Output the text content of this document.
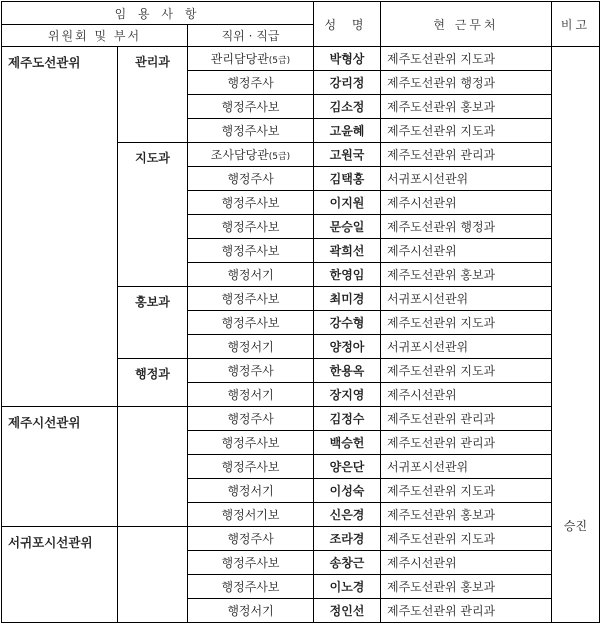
임 용 사 항			성 명	현 근무처	비고
위원회 및 부서		직위 · 직급			
제주도선관위	관리과	관리담당관(5급)	박형상	제주도선관위 지도과	승진
		행정주사	강리정	제주도선관위 행정과	
		행정주사보	김소정	제주도선관위 홍보과	
		행정주사보	고윤혜	제주도선관위 지도과	
	지도과	조사담당관(5급)	고원국	제주도선관위 관리과	
		행정주사	김택홍	서귀포시선관위	
		행정주사보	이지원	제주시선관위	
		행정주사보	문승일	제주도선관위 행정과	
		행정주사보	곽희선	제주시선관위	
		행정서기	한영임	제주도선관위 홍보과	
	홍보과	행정주사보	최미경	서귀포시선관위	
		행정주사보	강수형	제주도선관위 지도과	
		행정서기	양정아	서귀포시선관위	
	행정과	행정주사	한용옥	제주도선관위 지도과	
		행정서기	장지영	제주시선관위	
제주시선관위		행정주사	김정수	제주도선관위 관리과	
		행정주사보	백승헌	제주도선관위 관리과	
		행정주사보	양은단	서귀포시선관위	
		행정서기	이성숙	제주도선관위 지도과	
		행정서기보	신은경	제주도선관위 홍보과	
서귀포시선관위		행정주사	조라경	제주도선관위 지도과	
		행정주사보	송창근	제주시선관위	
		행정주사보	이노경	제주도선관위 홍보과	
		행정서기	정인선	제주도선관위 관리과	
